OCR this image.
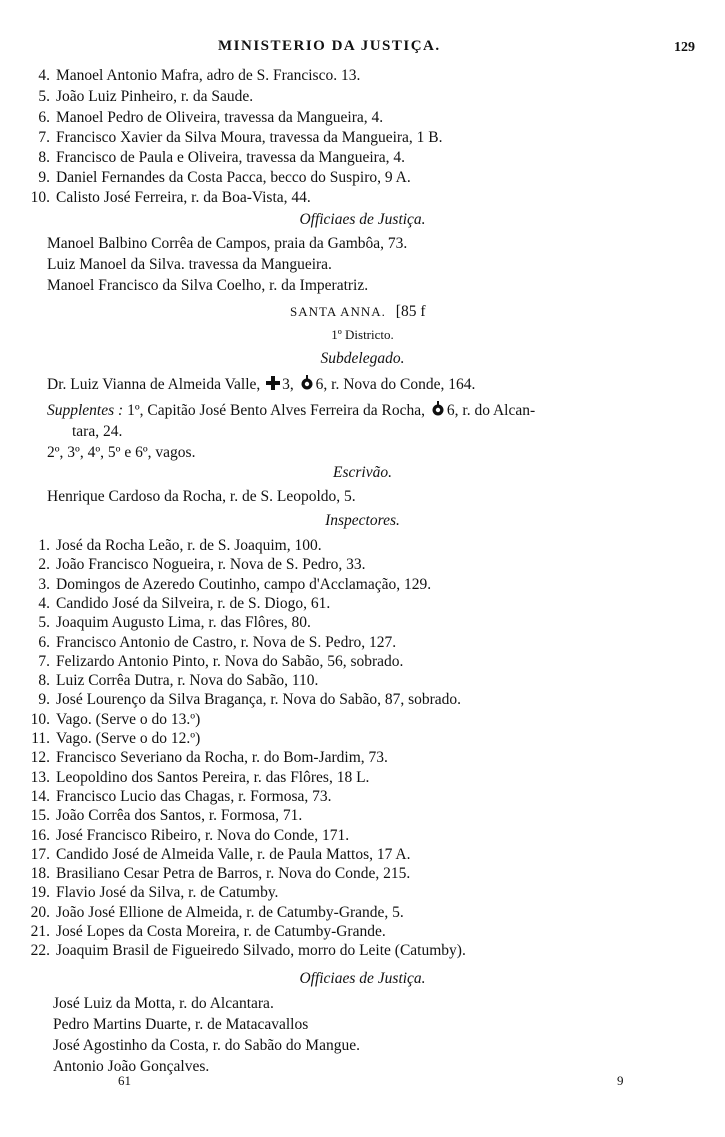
MINISTERIO DA JUSTIÇA.	129
4. Manoel Antonio Mafra, adro de S. Francisco. 13.
5. João Luiz Pinheiro, r. da Saude.
6. Manoel Pedro de Oliveira, travessa da Mangueira, 4.
7. Francisco Xavier da Silva Moura, travessa da Mangueira, 1 B.
8. Francisco de Paula e Oliveira, travessa da Mangueira, 4.
9. Daniel Fernandes da Costa Pacca, becco do Suspiro, 9 A.
10. Calisto José Ferreira, r. da Boa-Vista, 44.
Officiaes de Justiça.
Manoel Balbino Corrêa de Campos, praia da Gambôa, 73.
Luiz Manoel da Silva. travessa da Mangueira.
Manoel Francisco da Silva Coelho, r. da Imperatriz.
SANTA ANNA. [85 f
1º Districto.
Subdelegado.
Dr. Luiz Vianna de Almeida Valle, 3, 6, r. Nova do Conde, 164.
Supplentes : 1º, Capitão José Bento Alves Ferreira da Rocha, 6, r. do Alcan-
tara, 24.
2º, 3º, 4º, 5º e 6º, vagos.
Escrivão.
Henrique Cardoso da Rocha, r. de S. Leopoldo, 5.
Inspectores.
1. José da Rocha Leão, r. de S. Joaquim, 100.
2. João Francisco Nogueira, r. Nova de S. Pedro, 33.
3. Domingos de Azeredo Coutinho, campo d'Acclamação, 129.
4. Candido José da Silveira, r. de S. Diogo, 61.
5. Joaquim Augusto Lima, r. das Flôres, 80.
6. Francisco Antonio de Castro, r. Nova de S. Pedro, 127.
7. Felizardo Antonio Pinto, r. Nova do Sabão, 56, sobrado.
8. Luiz Corrêa Dutra, r. Nova do Sabão, 110.
9. José Lourenço da Silva Bragança, r. Nova do Sabão, 87, sobrado.
10. Vago. (Serve o do 13.º)
11. Vago. (Serve o do 12.º)
12. Francisco Severiano da Rocha, r. do Bom-Jardim, 73.
13. Leopoldino dos Santos Pereira, r. das Flôres, 18 L.
14. Francisco Lucio das Chagas, r. Formosa, 73.
15. João Corrêa dos Santos, r. Formosa, 71.
16. José Francisco Ribeiro, r. Nova do Conde, 171.
17. Candido José de Almeida Valle, r. de Paula Mattos, 17 A.
18. Brasiliano Cesar Petra de Barros, r. Nova do Conde, 215.
19. Flavio José da Silva, r. de Catumby.
20. João José Ellione de Almeida, r. de Catumby-Grande, 5.
21. José Lopes da Costa Moreira, r. de Catumby-Grande.
22. Joaquim Brasil de Figueiredo Silvado, morro do Leite (Catumby).
Officiaes de Justiça.
José Luiz da Motta, r. do Alcantara.
Pedro Martins Duarte, r. de Matacavallos
José Agostinho da Costa, r. do Sabão do Mangue.
Antonio João Gonçalves.
61	9
